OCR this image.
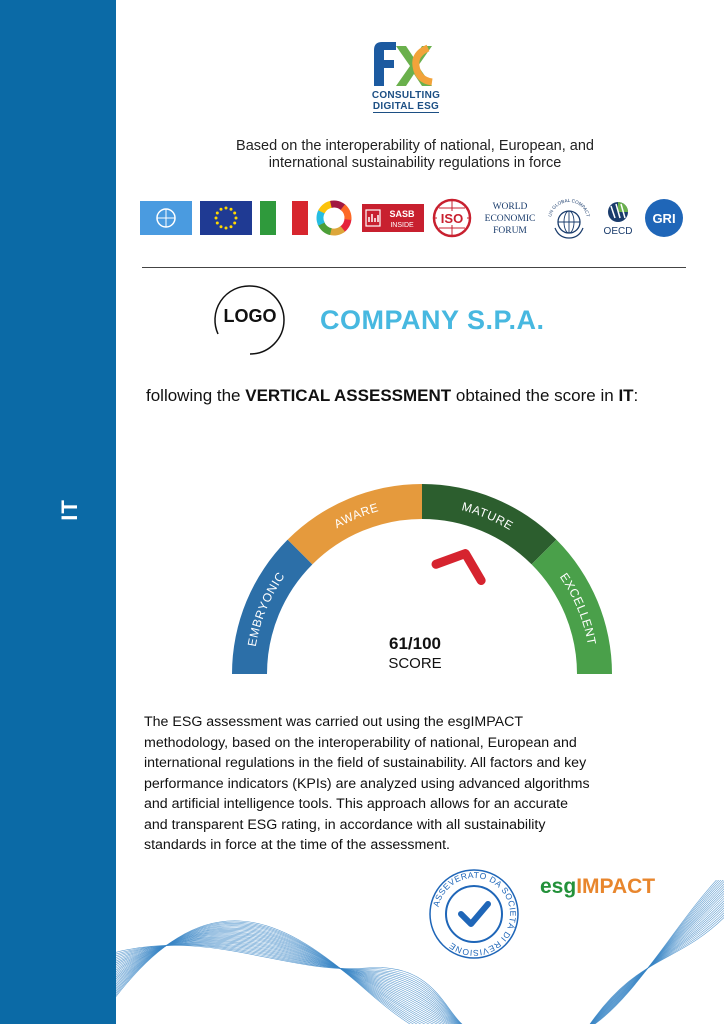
IT
CONSULTING
DIGITAL ESG
Based on the interoperability of national, European, and
international sustainability regulations in force
SASB
INSIDE ISO
WORLD
ECONOMIC
FORUM
UN GLOBAL COMPACT
OECD
GRI
LOGO	COMPANY S.P.A.
following the VERTICAL ASSESSMENT obtained the score in IT:
EMBRYONIC
AWARE	MATURE
EXCELLENT
61/100
SCORE

The ESG assessment was carried out using the esgIMPACT

methodology, based on the interoperability of national, European and

international regulations in the field of sustainability. All factors and key

performance indicators (KPIs) are analyzed using advanced algorithms

and artificial intelligence tools. This approach allows for an accurate

and transparent ESG rating, in accordance with all sustainability

standards in force at the time of the assessment.

ASSEVERATO DA SOCIETÀ DI REVISIONE
esgIMPACT
